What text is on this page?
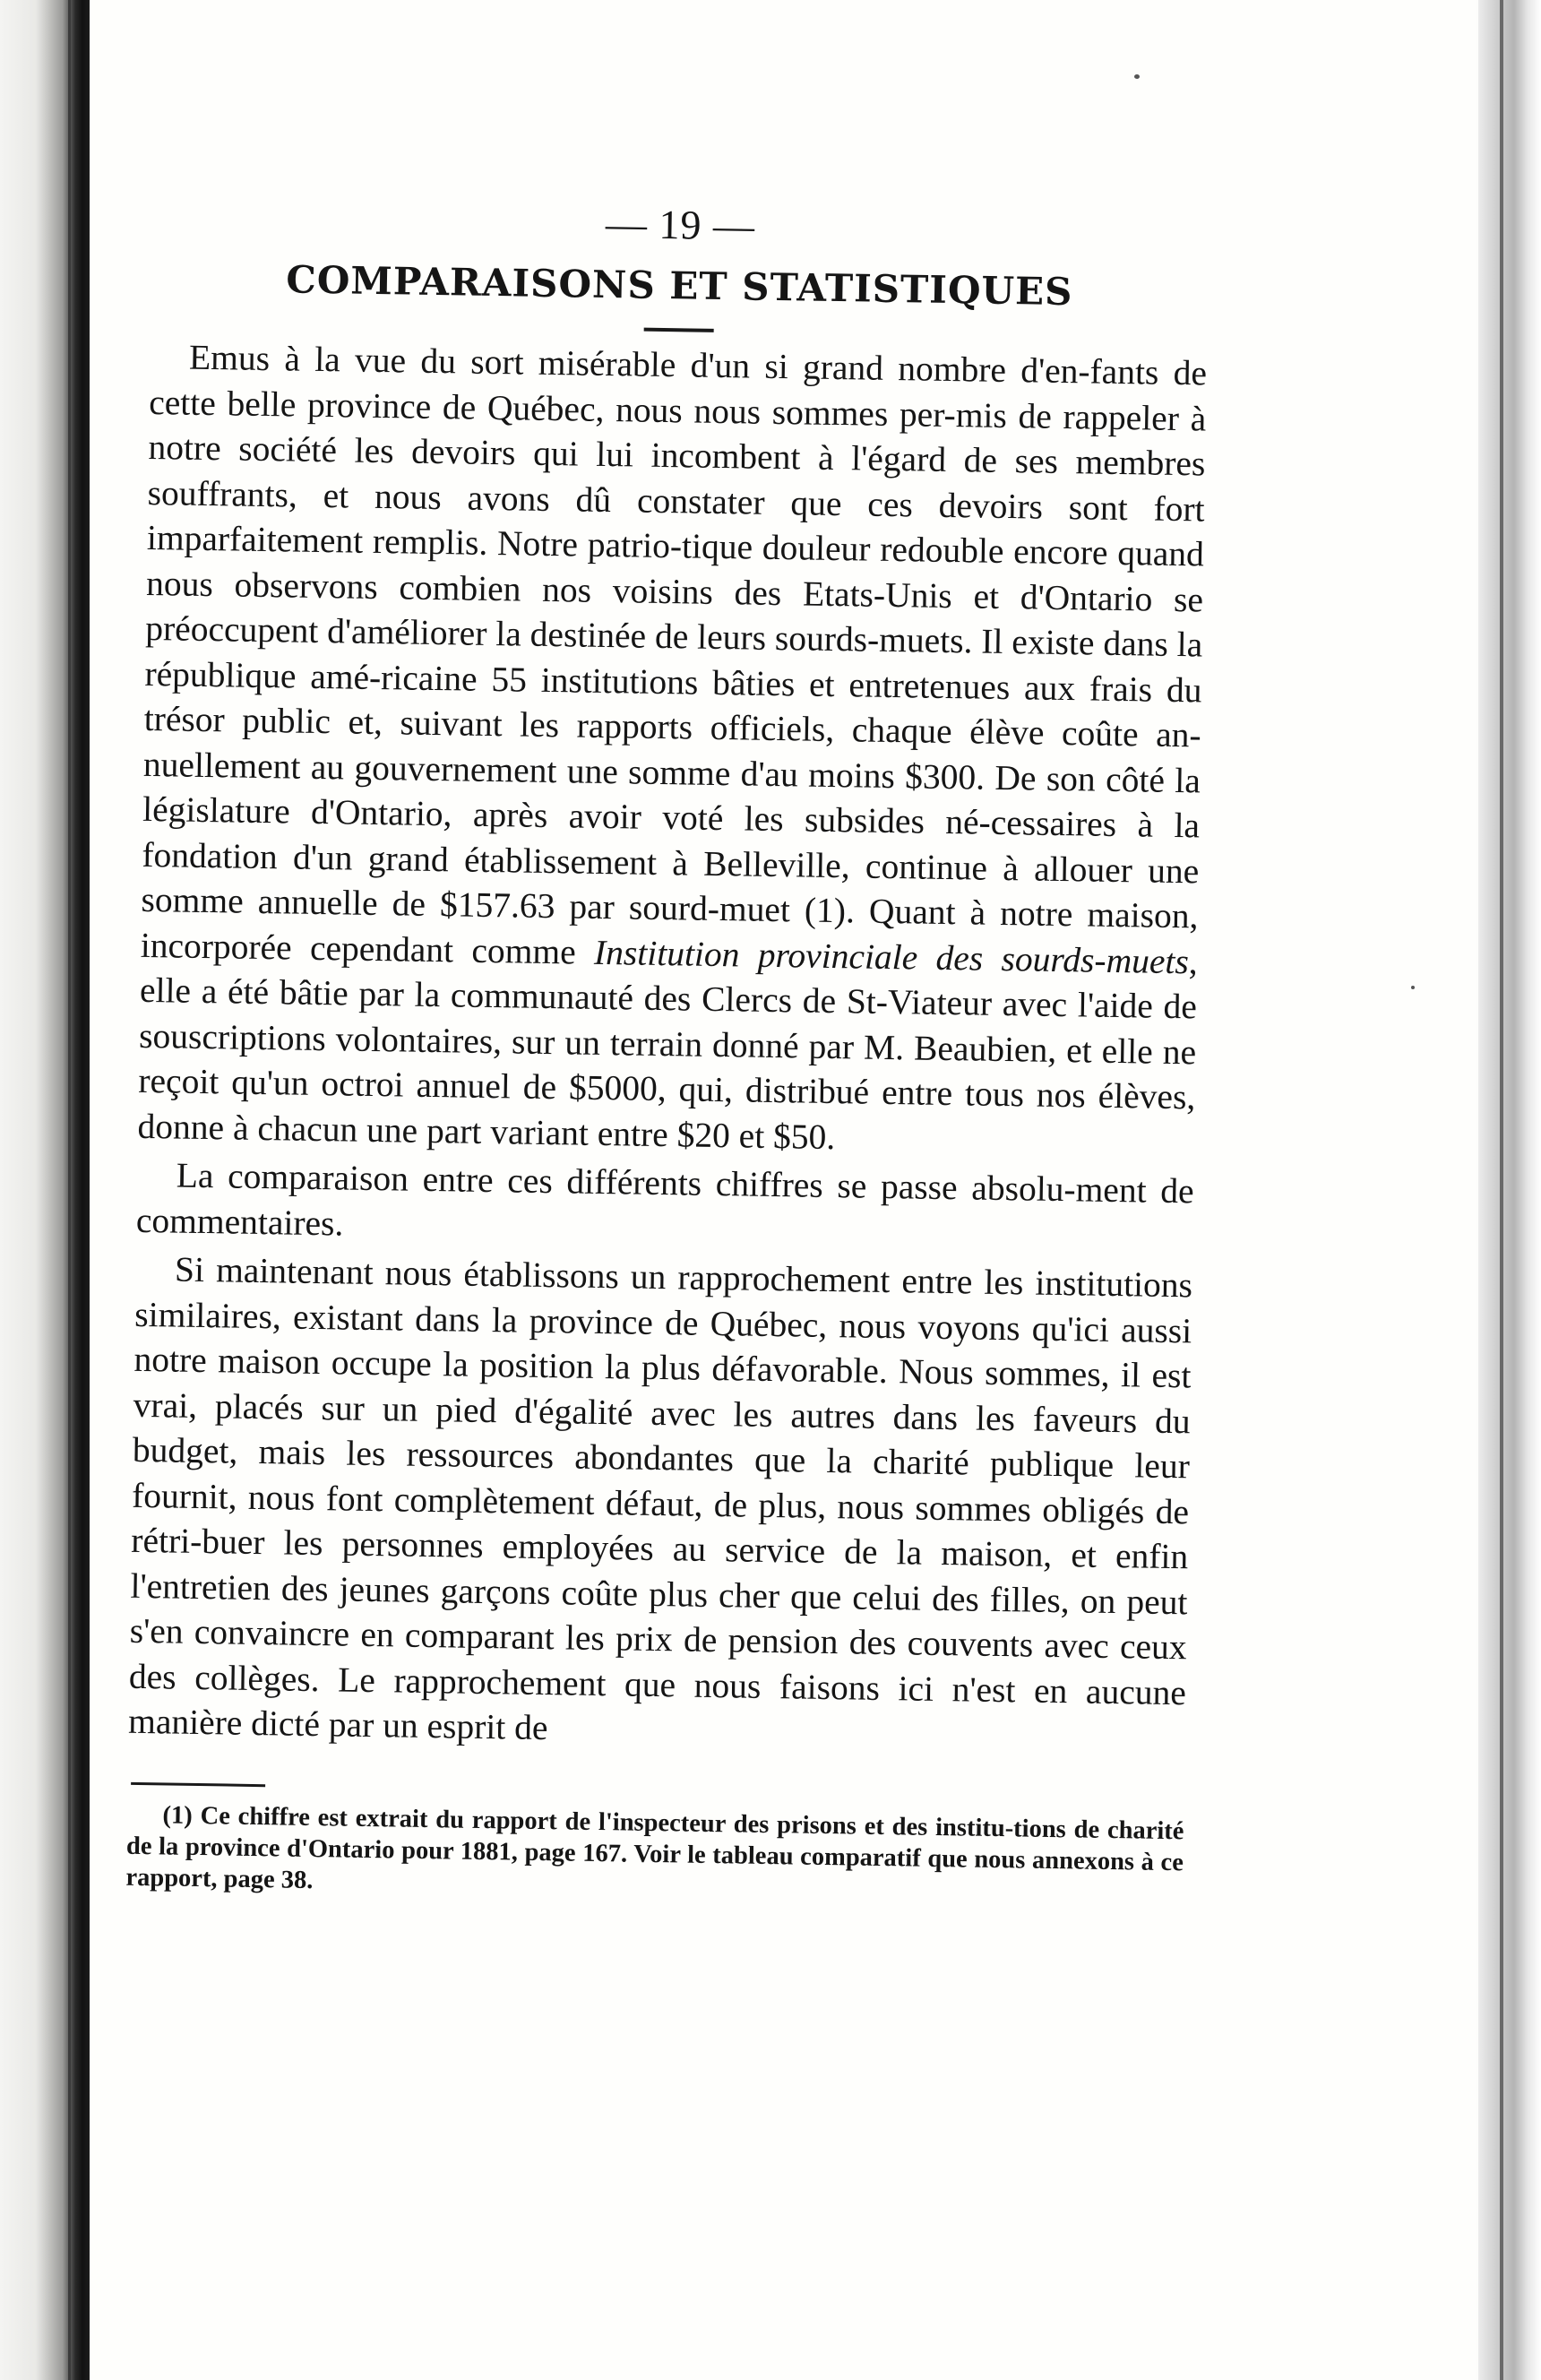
— 19 —

COMPARAISONS ET STATISTIQUES

Emus à la vue du sort misérable d'un si grand nombre d'en-fants de cette belle province de Québec, nous nous sommes per-mis de rappeler à notre société les devoirs qui lui incombent à l'égard de ses membres souffrants, et nous avons dû constater que ces devoirs sont fort imparfaitement remplis. Notre patrio-tique douleur redouble encore quand nous observons combien nos voisins des Etats-Unis et d'Ontario se préoccupent d'améliorer la destinée de leurs sourds-muets. Il existe dans la république amé-ricaine 55 institutions bâties et entretenues aux frais du trésor public et, suivant les rapports officiels, chaque élève coûte an-nuellement au gouvernement une somme d'au moins $300. De son côté la législature d'Ontario, après avoir voté les subsides né-cessaires à la fondation d'un grand établissement à Belleville, continue à allouer une somme annuelle de $157.63 par sourd-muet (1). Quant à notre maison, incorporée cependant comme Institution provinciale des sourds-muets, elle a été bâtie par la communauté des Clercs de St-Viateur avec l'aide de souscriptions volontaires, sur un terrain donné par M. Beaubien, et elle ne reçoit qu'un octroi annuel de $5000, qui, distribué entre tous nos élèves, donne à chacun une part variant entre $20 et $50.

La comparaison entre ces différents chiffres se passe absolu-ment de commentaires.

Si maintenant nous établissons un rapprochement entre les institutions similaires, existant dans la province de Québec, nous voyons qu'ici aussi notre maison occupe la position la plus défavorable. Nous sommes, il est vrai, placés sur un pied d'égalité avec les autres dans les faveurs du budget, mais les ressources abondantes que la charité publique leur fournit, nous font complètement défaut, de plus, nous sommes obligés de rétri-buer les personnes employées au service de la maison, et enfin l'entretien des jeunes garçons coûte plus cher que celui des filles, on peut s'en convaincre en comparant les prix de pension des couvents avec ceux des collèges. Le rapprochement que nous faisons ici n'est en aucune manière dicté par un esprit de

(1) Ce chiffre est extrait du rapport de l'inspecteur des prisons et des institu-tions de charité de la province d'Ontario pour 1881, page 167. Voir le tableau comparatif que nous annexons à ce rapport, page 38.
